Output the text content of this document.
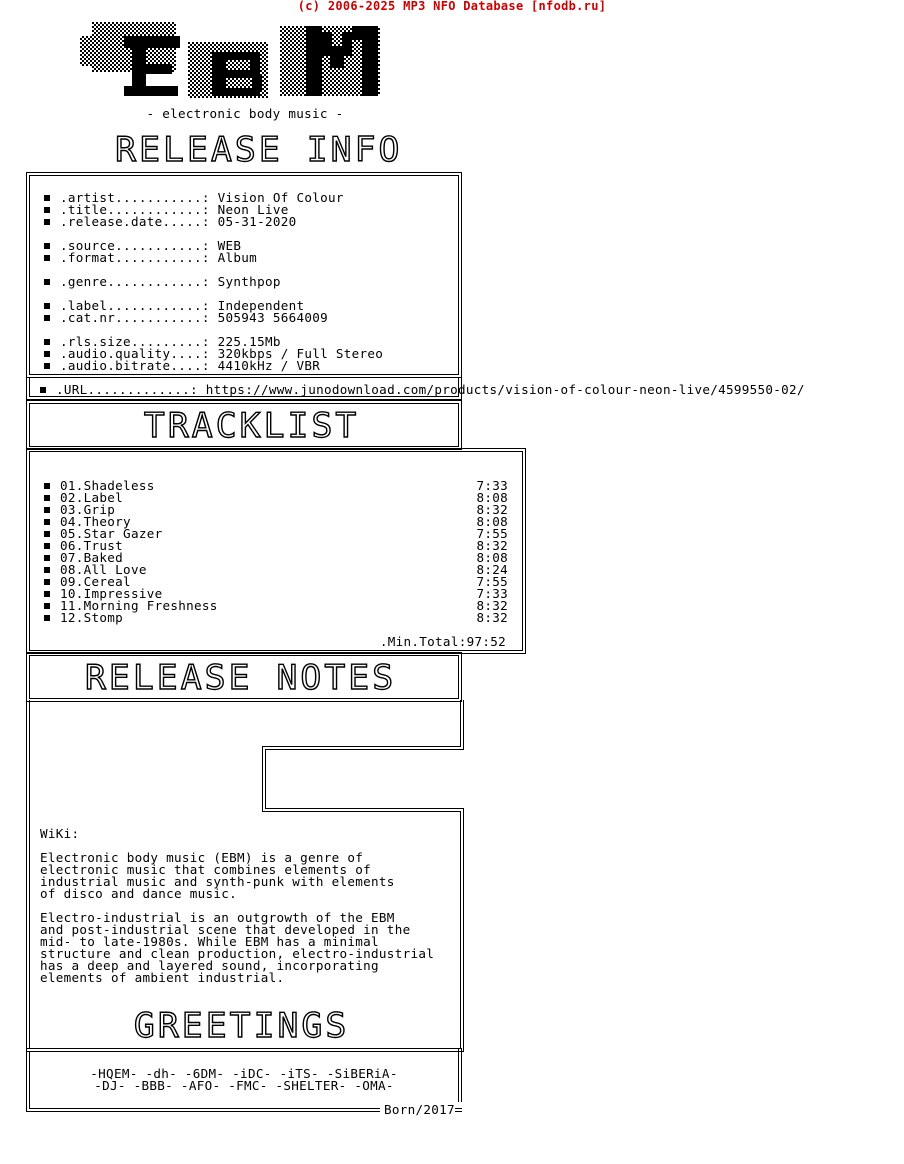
(c) 2006-2025 MP3 NFO Database [nfodb.ru]
EBM
- electronic body music -
RELEASE INFO
.artist...........:
Vision Of Colour
.title............:
Neon Live
.release.date.....:
05-31-2020
.source...........:
WEB
.format...........:
Album
.genre............:
Synthpop
.label............:
Independent
.cat.nr...........:
505943 5664009
.rls.size.........:
225.15Mb
.audio.quality....:
320kbps / Full Stereo
.audio.bitrate....:
4410kHz / VBR
.URL.............:
https://www.junodownload.com/products/vision-of-colour-neon-live/4599550-02/
TRACKLIST
01.Shadeless	7:33
02.Label	8:08
03.Grip	8:32
04.Theory	8:08
05.Star Gazer	7:55
06.Trust	8:32
07.Baked	8:08
08.All Love	8:24
09.Cereal	7:55
10.Impressive	7:33
11.Morning Freshness	8:32
12.Stomp	8:32
.Min.Total:97:52
RELEASE NOTES
WiKi:
Electronic body music (EBM) is a genre of
electronic music that combines elements of
industrial music and synth-punk with elements
of disco and dance music.
Electro-industrial is an outgrowth of the EBM
and post-industrial scene that developed in the
mid- to late-1980s. While EBM has a minimal
structure and clean production, electro-industrial
has a deep and layered sound, incorporating
elements of ambient industrial.
GREETINGS
-HQEM- -dh- -6DM- -iDC- -iTS- -SiBERiA-
-DJ- -BBB- -AFO- -FMC- -SHELTER- -OMA-
Born/2017
